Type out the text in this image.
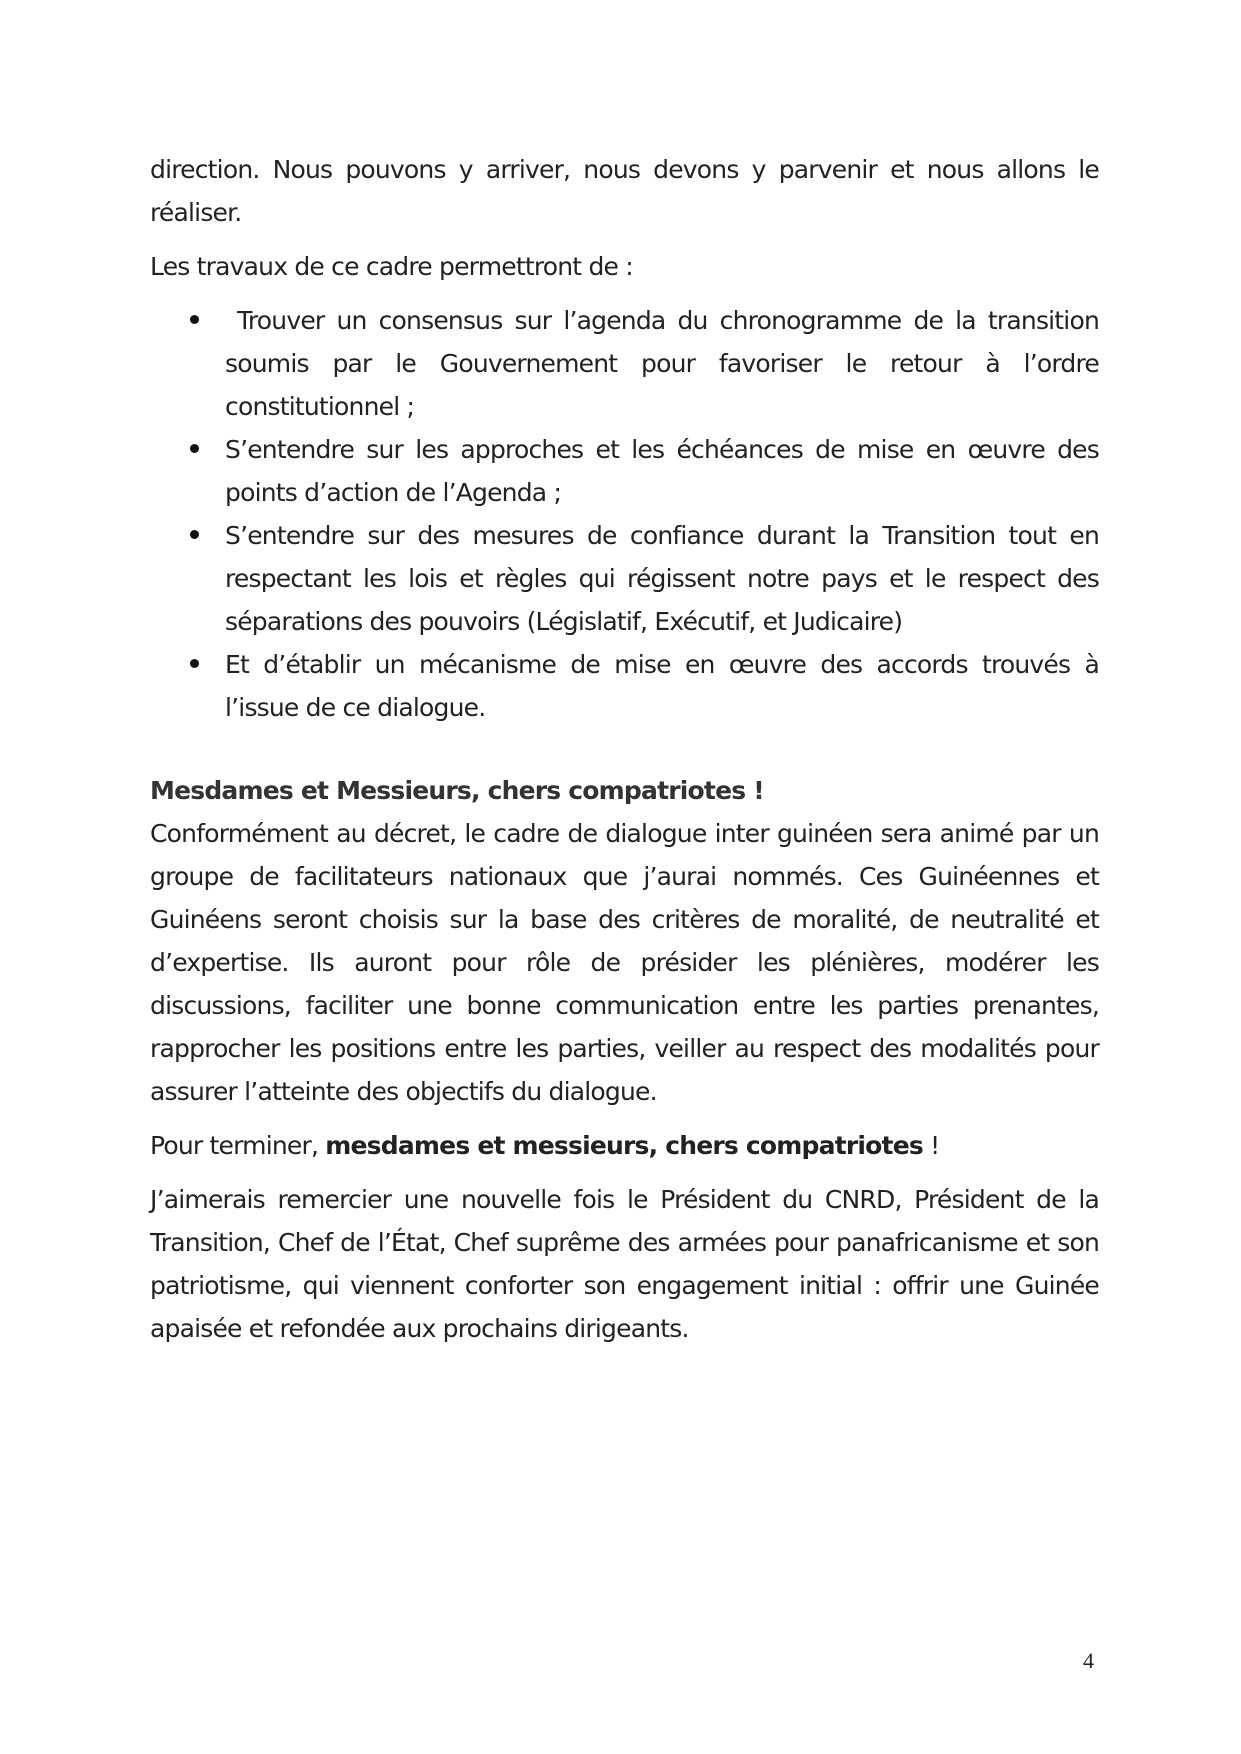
direction. Nous pouvons y arriver, nous devons y parvenir et nous allons le réaliser.

Les travaux de ce cadre permettront de :

Trouver un consensus sur l’agenda du chronogramme de la transition soumis par le Gouvernement pour favoriser le retour à l’ordre constitutionnel ;
S’entendre sur les approches et les échéances de mise en œuvre des points d’action de l’Agenda ;
S’entendre sur des mesures de confiance durant la Transition tout en respectant les lois et règles qui régissent notre pays et le respect des séparations des pouvoirs (Législatif, Exécutif, et Judicaire)
Et d’établir un mécanisme de mise en œuvre des accords trouvés à l’issue de ce dialogue.

Mesdames et Messieurs, chers compatriotes !

Conformément au décret, le cadre de dialogue inter guinéen sera animé par un groupe de facilitateurs nationaux que j’aurai nommés. Ces Guinéennes et Guinéens seront choisis sur la base des critères de moralité, de neutralité et d’expertise. Ils auront pour rôle de présider les plénières, modérer les discussions, faciliter une bonne communication entre les parties prenantes, rapprocher les positions entre les parties, veiller au respect des modalités pour assurer l’atteinte des objectifs du dialogue.

Pour terminer, mesdames et messieurs, chers compatriotes !

J’aimerais remercier une nouvelle fois le Président du CNRD, Président de la Transition, Chef de l’État, Chef suprême des armées pour panafricanisme et son patriotisme, qui viennent conforter son engagement initial : offrir une Guinée apaisée et refondée aux prochains dirigeants.

4
